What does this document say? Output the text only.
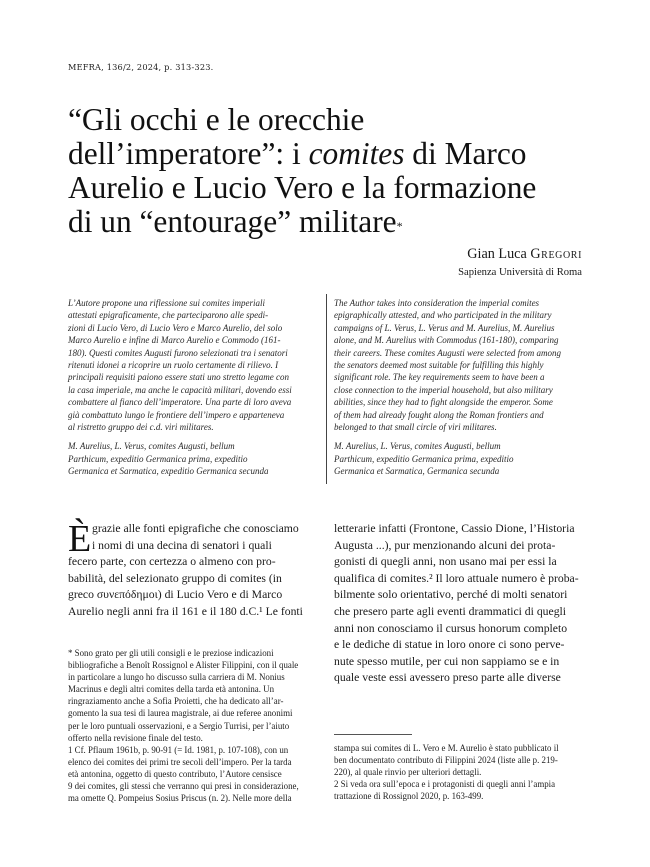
MEFRA, 136/2, 2024, p. 313-323.
“Gli occhi e le orecchie
dell’imperatore”: i comites di Marco
Aurelio e Lucio Vero e la formazione
di un “entourage” militare*
Gian Luca Gregori
Sapienza Università di Roma

L’Autore propone una riflessione sui comites imperiali
attestati epigraficamente, che parteciparono alle spedi-
zioni di Lucio Vero, di Lucio Vero e Marco Aurelio, del solo
Marco Aurelio e infine di Marco Aurelio e Commodo (161-
180). Questi comites Augusti furono selezionati tra i senatori
ritenuti idonei a ricoprire un ruolo certamente di rilievo. I
principali requisiti paiono essere stati uno stretto legame con
la casa imperiale, ma anche le capacità militari, dovendo essi
combattere al fianco dell’imperatore. Una parte di loro aveva
già combattuto lungo le frontiere dell’impero e apparteneva
al ristretto gruppo dei c.d. viri militares.

M. Aurelius, L. Verus, comites Augusti, bellum
Parthicum, expeditio Germanica prima, expeditio
Germanica et Sarmatica, expeditio Germanica secunda

The Author takes into consideration the imperial comites
epigraphically attested, and who participated in the military
campaigns of L. Verus, L. Verus and M. Aurelius, M. Aurelius
alone, and M. Aurelius with Commodus (161-180), comparing
their careers. These comites Augusti were selected from among
the senators deemed most suitable for fulfilling this highly
significant role. The key requirements seem to have been a
close connection to the imperial household, but also military
abilities, since they had to fight alongside the emperor. Some
of them had already fought along the Roman frontiers and
belonged to that small circle of viri militares.

M. Aurelius, L. Verus, comites Augusti, bellum
Parthicum, expeditio Germanica prima, expeditio
Germanica et Sarmatica, Germanica secunda

È grazie alle fonti epigrafiche che conosciamo
i nomi di una decina di senatori i quali
fecero parte, con certezza o almeno con pro-
babilità, del selezionato gruppo di comites (in
greco συνεπόδημοι) di Lucio Vero e di Marco
Aurelio negli anni fra il 161 e il 180 d.C.¹ Le fonti
letterarie infatti (Frontone, Cassio Dione, l’Historia
Augusta ...), pur menzionando alcuni dei prota-
gonisti di quegli anni, non usano mai per essi la
qualifica di comites.² Il loro attuale numero è proba-
bilmente solo orientativo, perché di molti senatori
che presero parte agli eventi drammatici di quegli
anni non conosciamo il cursus honorum completo
e le dediche di statue in loro onore ci sono perve-
nute spesso mutile, per cui non sappiamo se e in
quale veste essi avessero preso parte alle diverse
* Sono grato per gli utili consigli e le preziose indicazioni
bibliografiche a Benoît Rossignol e Alister Filippini, con il quale
in particolare a lungo ho discusso sulla carriera di M. Nonius
Macrinus e degli altri comites della tarda età antonina. Un
ringraziamento anche a Sofia Proietti, che ha dedicato all’ar-
gomento la sua tesi di laurea magistrale, ai due referee anonimi
per le loro puntuali osservazioni, e a Sergio Turrisi, per l’aiuto
offerto nella revisione finale del testo.
1 Cf. Pflaum 1961b, p. 90-91 (= Id. 1981, p. 107-108), con un
elenco dei comites dei primi tre secoli dell’impero. Per la tarda
età antonina, oggetto di questo contributo, l’Autore censisce
9 dei comites, gli stessi che verranno qui presi in considerazione,
ma omette Q. Pompeius Sosius Priscus (n. 2). Nelle more della
stampa sui comites di L. Vero e M. Aurelio è stato pubblicato il
ben documentato contributo di Filippini 2024 (liste alle p. 219-
220), al quale rinvio per ulteriori dettagli.
2 Si veda ora sull’epoca e i protagonisti di quegli anni l’ampia
trattazione di Rossignol 2020, p. 163-499.
